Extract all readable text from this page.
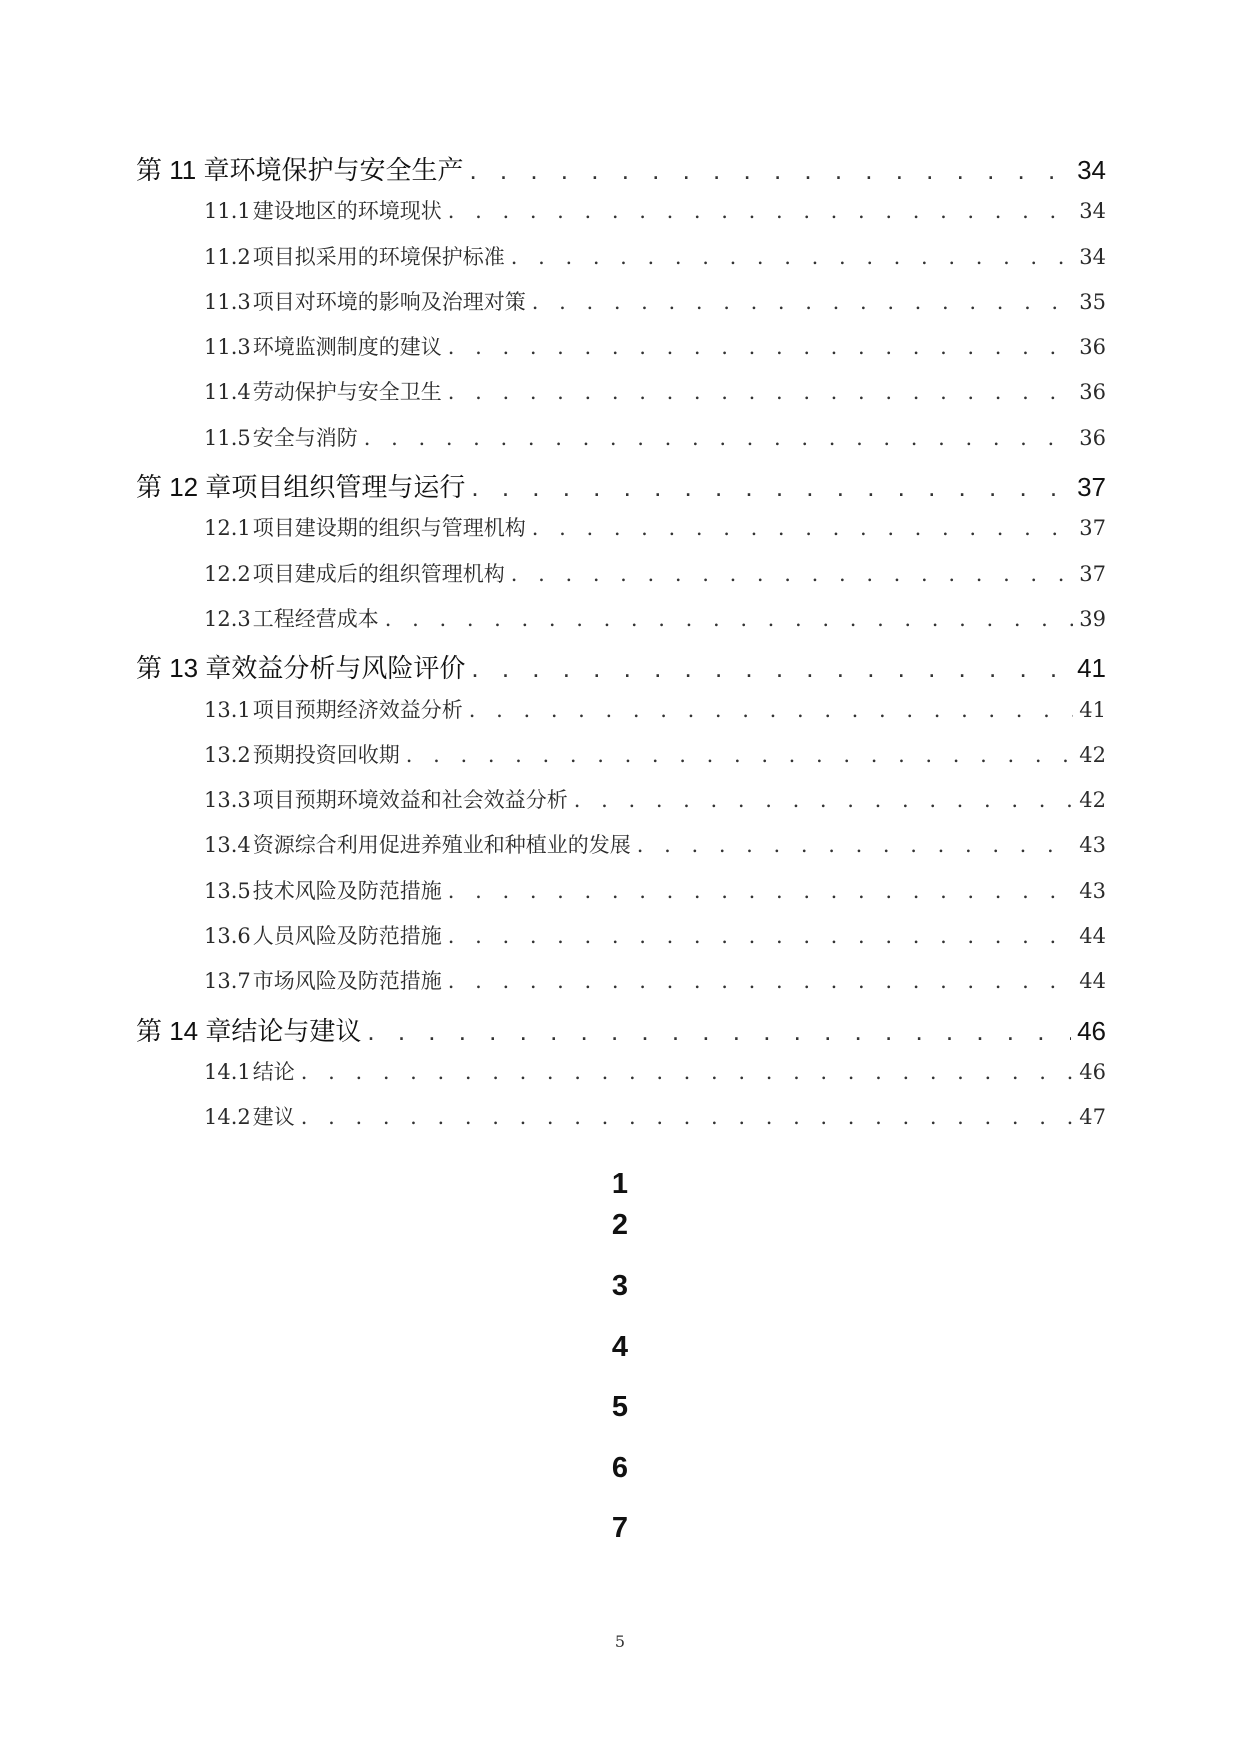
第 11 章 环境保护与安全生产 . . .	34
11.1 建设地区的环境现状 . . .	34
11.2 项目拟采用的环境保护标准 . . .	34
11.3 项目对环境的影响及治理对策 . . .	35
11.3 环境监测制度的建议 . . .	36
11.4 劳动保护与安全卫生 . . .	36
11.5 安全与消防 . . .	36
第 12 章 项目组织管理与运行 . . .	37
12.1 项目建设期的组织与管理机构 . . .	37
12.2 项目建成后的组织管理机构 . . .	37
12.3 工程经营成本 . . .	39
第 13 章 效益分析与风险评价 . . .	41
13.1 项目预期经济效益分析 . . .	41
13.2 预期投资回收期 . . .	42
13.3 项目预期环境效益和社会效益分析 . . .	42
13.4 资源综合利用促进养殖业和种植业的发展 . . .	43
13.5 技术风险及防范措施 . . .	43
13.6 人员风险及防范措施 . . .	44
13.7 市场风险及防范措施 . . .	44
第 14 章 结论与建议 . . .	46
14.1 结论 . . .	46
14.2 建议 . . .	47
1
2
3
4
5
6
7
5
